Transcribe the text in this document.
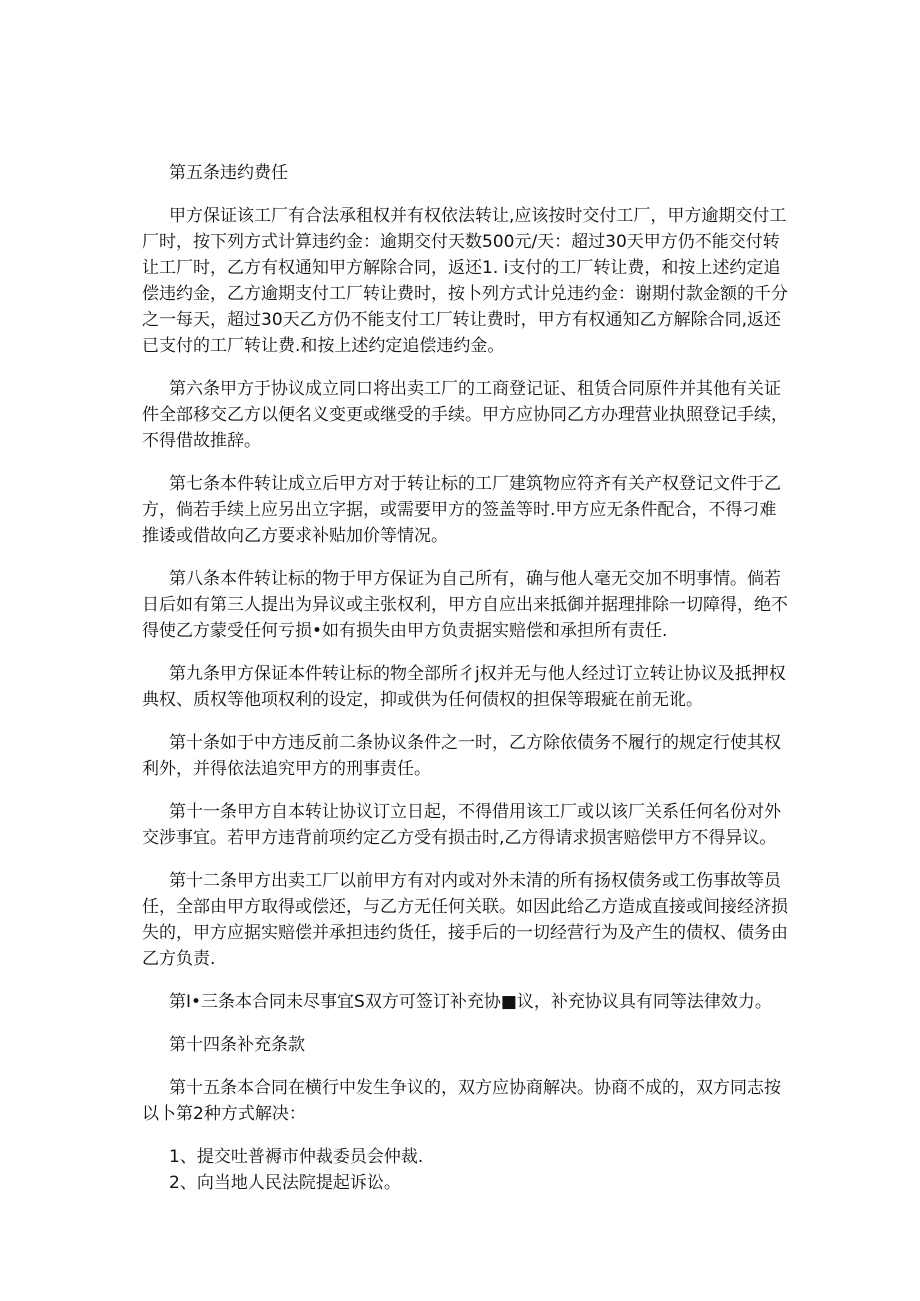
第五条违约费任

甲方保证该工厂有合法承租权并有权依法转让,应该按时交付工厂，甲方逾期交付工厂时，按下列方式计算违约金：逾期交付天数500元/天：超过30天甲方仍不能交付转让工厂时，乙方有权通知甲方解除合同，返还1. i支付的工厂转让费，和按上述约定追偿违约金，乙方逾期支付工厂转让费时，按卜列方式计兑违约金：谢期付款金额的千分之一每天，超过30天乙方仍不能支付工厂转让费时，甲方有权通知乙方解除合同,返还已支付的工厂转让费.和按上述约定追偿违约金。

第六条甲方于协议成立同口将出卖工厂的工商登记证、租赁合同原件并其他有关证件全部移交乙方以便名义变更或继受的手续。甲方应协同乙方办理营业执照登记手续，不得借故推辞。

第七条本件转让成立后甲方对于转让标的工厂建筑物应符齐有关产权登记文件于乙方，倘若手续上应另出立字据，或需要甲方的签盖等时.甲方应无条件配合，不得刁难推诿或借故向乙方要求补贴加价等情况。

第八条本件转让标的物于甲方保证为自己所有，确与他人毫无交加不明事情。倘若日后如有第三人提出为异议或主张权利，甲方自应出来抵御并据理排除一切障得，绝不得使乙方蒙受任何亏损•如有损失由甲方负责据实赔偿和承担所有责任.

第九条甲方保证本件转让标的物全部所彳j权并无与他人经过订立转让协议及抵押权典权、质权等他项权利的设定，抑或供为任何债权的担保等瑕疵在前无讹。

第十条如于中方违反前二条协议条件之一时，乙方除依债务不履行的规定行使其权利外，并得依法追究甲方的刑事责任。

第十一条甲方自本转让协议订立日起，不得借用该工厂或以该厂关系任何名份对外交涉事宜。若甲方违背前项约定乙方受有损击时,乙方得请求损害赔偿甲方不得异议。

第十二条甲方出卖工厂以前甲方有对内或对外未清的所有扬权债务或工伤事故等员任，全部由甲方取得或偿还，与乙方无任何关联。如因此给乙方造成直接或间接经济损失的，甲方应据实赔偿并承担违约货任，接手后的一切经营行为及产生的债权、债务由乙方负责.

第I•三条本合同未尽事宜S双方可签订补充协■议，补充协议具有同等法律效力。

第十四条补充条款

第十五条本合同在横行中发生争议的，双方应协商解决。协商不成的，双方同志按以卜第2种方式解决：

1、提交吐普褥市仲裁委员会仲裁.

2、向当地人民法院提起诉讼。
